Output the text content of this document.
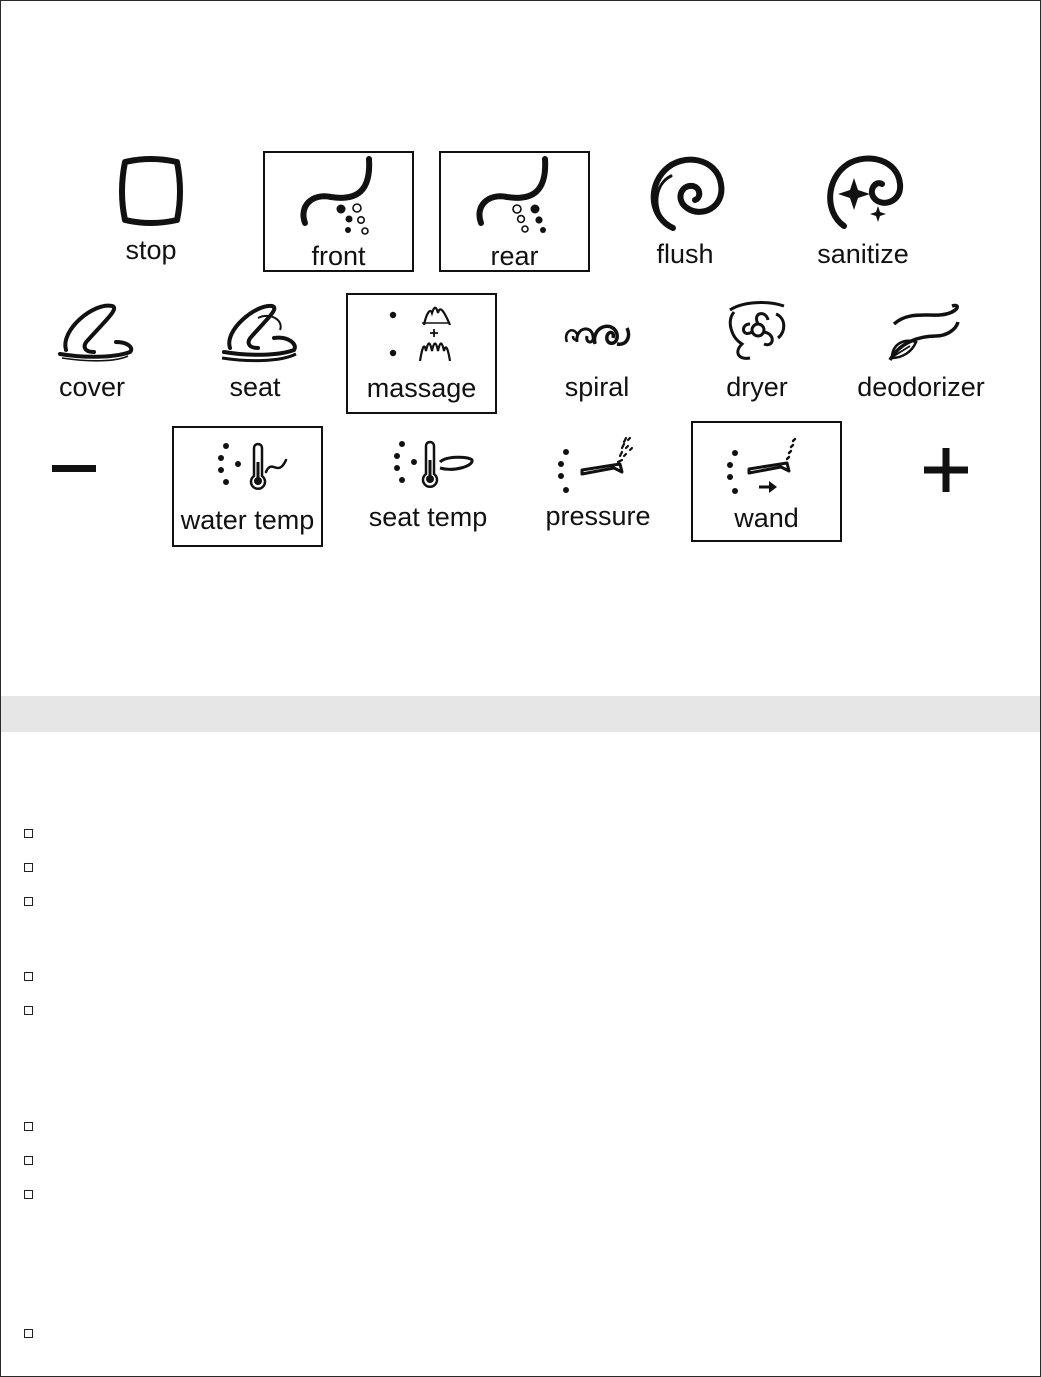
stop	front	rear	flush	sanitize
cover	seat	massage	spiral	dryer	deodorizer
water temp	seat temp	pressure	wand
